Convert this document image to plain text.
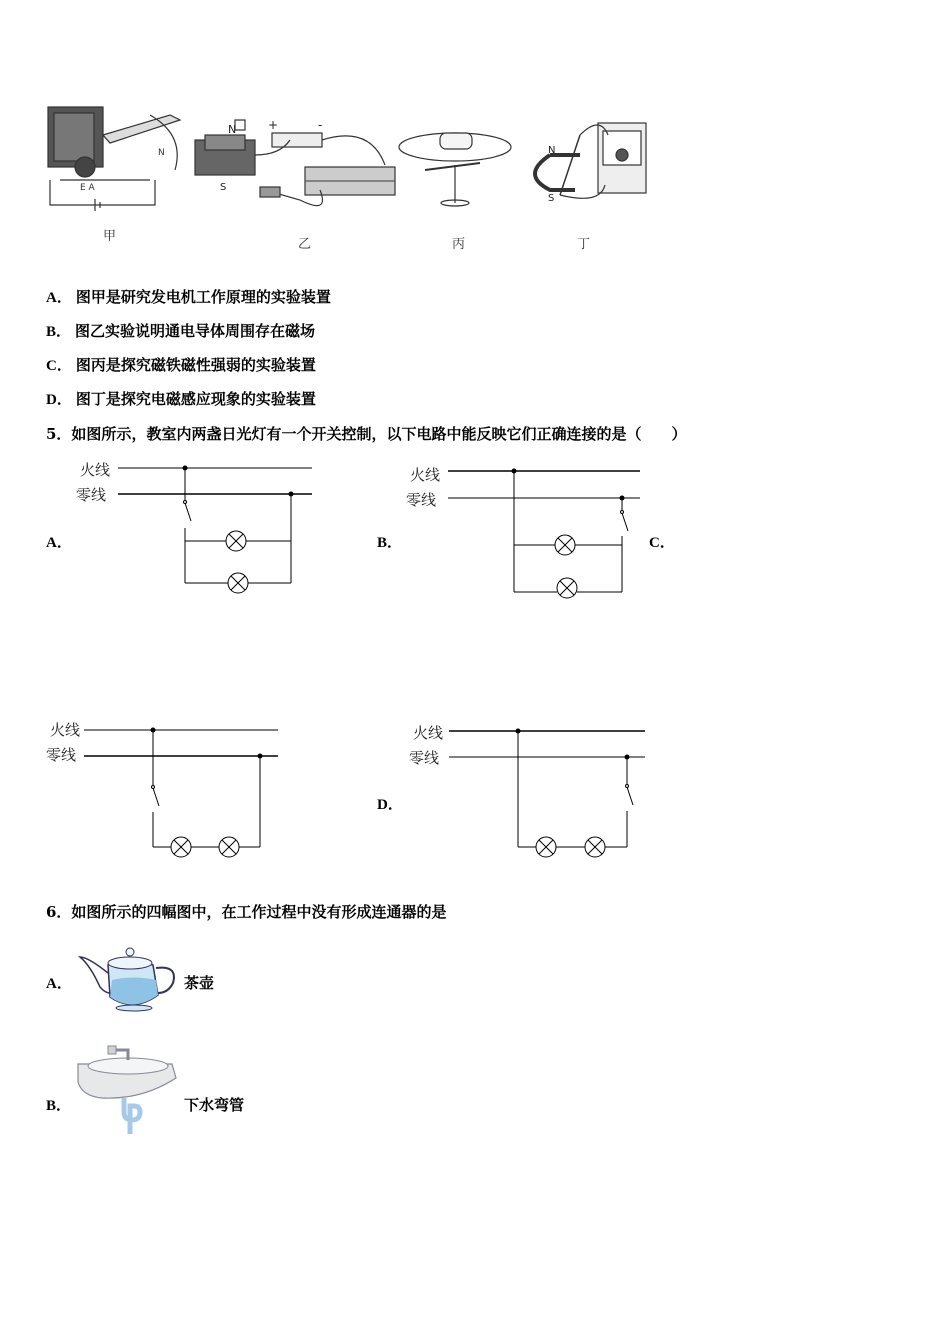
N
E A
N
S
+	-
N
S
甲
乙	丙	丁
A． 图甲是研究发电机工作原理的实验装置
B． 图乙实验说明通电导体周围存在磁场
C． 图丙是探究磁铁磁性强弱的实验装置
D． 图丁是探究电磁感应现象的实验装置
5．如图所示，教室内两盏日光灯有一个开关控制，以下电路中能反映它们正确连接的是（　　）
A．
火线
零线
B．
火线
零线
C．
火线
零线
D．
火线
零线
6．如图所示的四幅图中，在工作过程中没有形成连通器的是
A．	茶壶
B．	下水弯管
